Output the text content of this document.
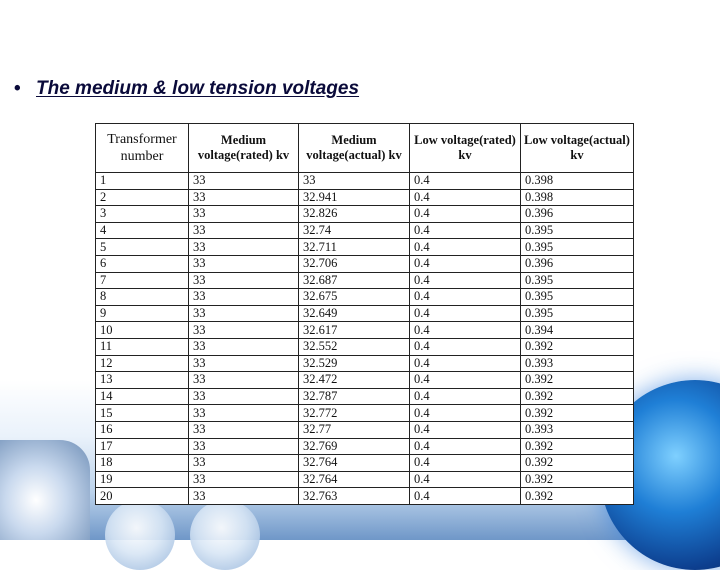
• The medium & low tension voltages
Transformer number	Medium voltage(rated) kv	Medium voltage(actual) kv	Low voltage(rated) kv	Low voltage(actual) kv
1	33	33	0.4	0.398
2	33	32.941	0.4	0.398
3	33	32.826	0.4	0.396
4	33	32.74	0.4	0.395
5	33	32.711	0.4	0.395
6	33	32.706	0.4	0.396
7	33	32.687	0.4	0.395
8	33	32.675	0.4	0.395
9	33	32.649	0.4	0.395
10	33	32.617	0.4	0.394
11	33	32.552	0.4	0.392
12	33	32.529	0.4	0.393
13	33	32.472	0.4	0.392
14	33	32.787	0.4	0.392
15	33	32.772	0.4	0.392
16	33	32.77	0.4	0.393
17	33	32.769	0.4	0.392
18	33	32.764	0.4	0.392
19	33	32.764	0.4	0.392
20	33	32.763	0.4	0.392
